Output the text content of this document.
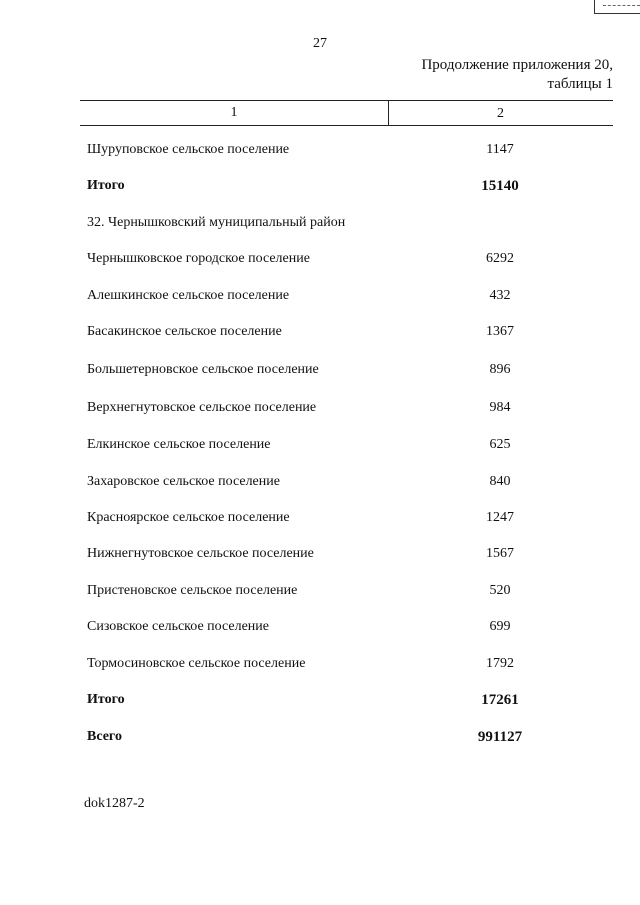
27
Продолжение приложения 20,
таблицы 1
1	2
Шуруповское сельское поселение	1147
Итого	15140
32. Чернышковский муниципальный район
Чернышковское городское поселение	6292
Алешкинское сельское поселение	432
Басакинское сельское поселение	1367
Большетерновское сельское поселение	896
Верхнегнутовское сельское поселение	984
Елкинское сельское поселение	625
Захаровское сельское поселение	840
Красноярское сельское поселение	1247
Нижнегнутовское сельское поселение	1567
Пристеновское сельское поселение	520
Сизовское сельское поселение	699
Тормосиновское сельское поселение	1792
Итого	17261
Всего	991127
dok1287-2
